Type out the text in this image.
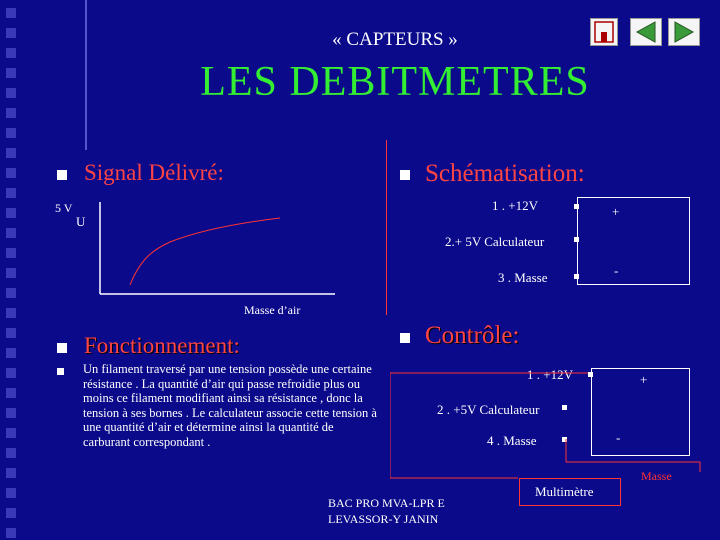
« CAPTEURS »
LES DEBITMETRES
Signal Délivré:
5 V
U
Masse d’air
Fonctionnement:
Un filament traversé par une tension possède une certaine résistance . La quantité d’air qui passe refroidie plus ou moins ce filament modifiant ainsi sa résistance , donc la tension à ses bornes . Le calculateur associe cette tension à une quantité d’air et détermine ainsi la quantité de carburant correspondant .
Schématisation:
1 . +12V	+
2.+ 5V Calculateur
3 . Masse	-
Contrôle:
1 . +12V	+
2 . +5V Calculateur
4 . Masse	-
Multimètre
Masse
BAC PRO MVA-LPR E
LEVASSOR-Y JANIN
